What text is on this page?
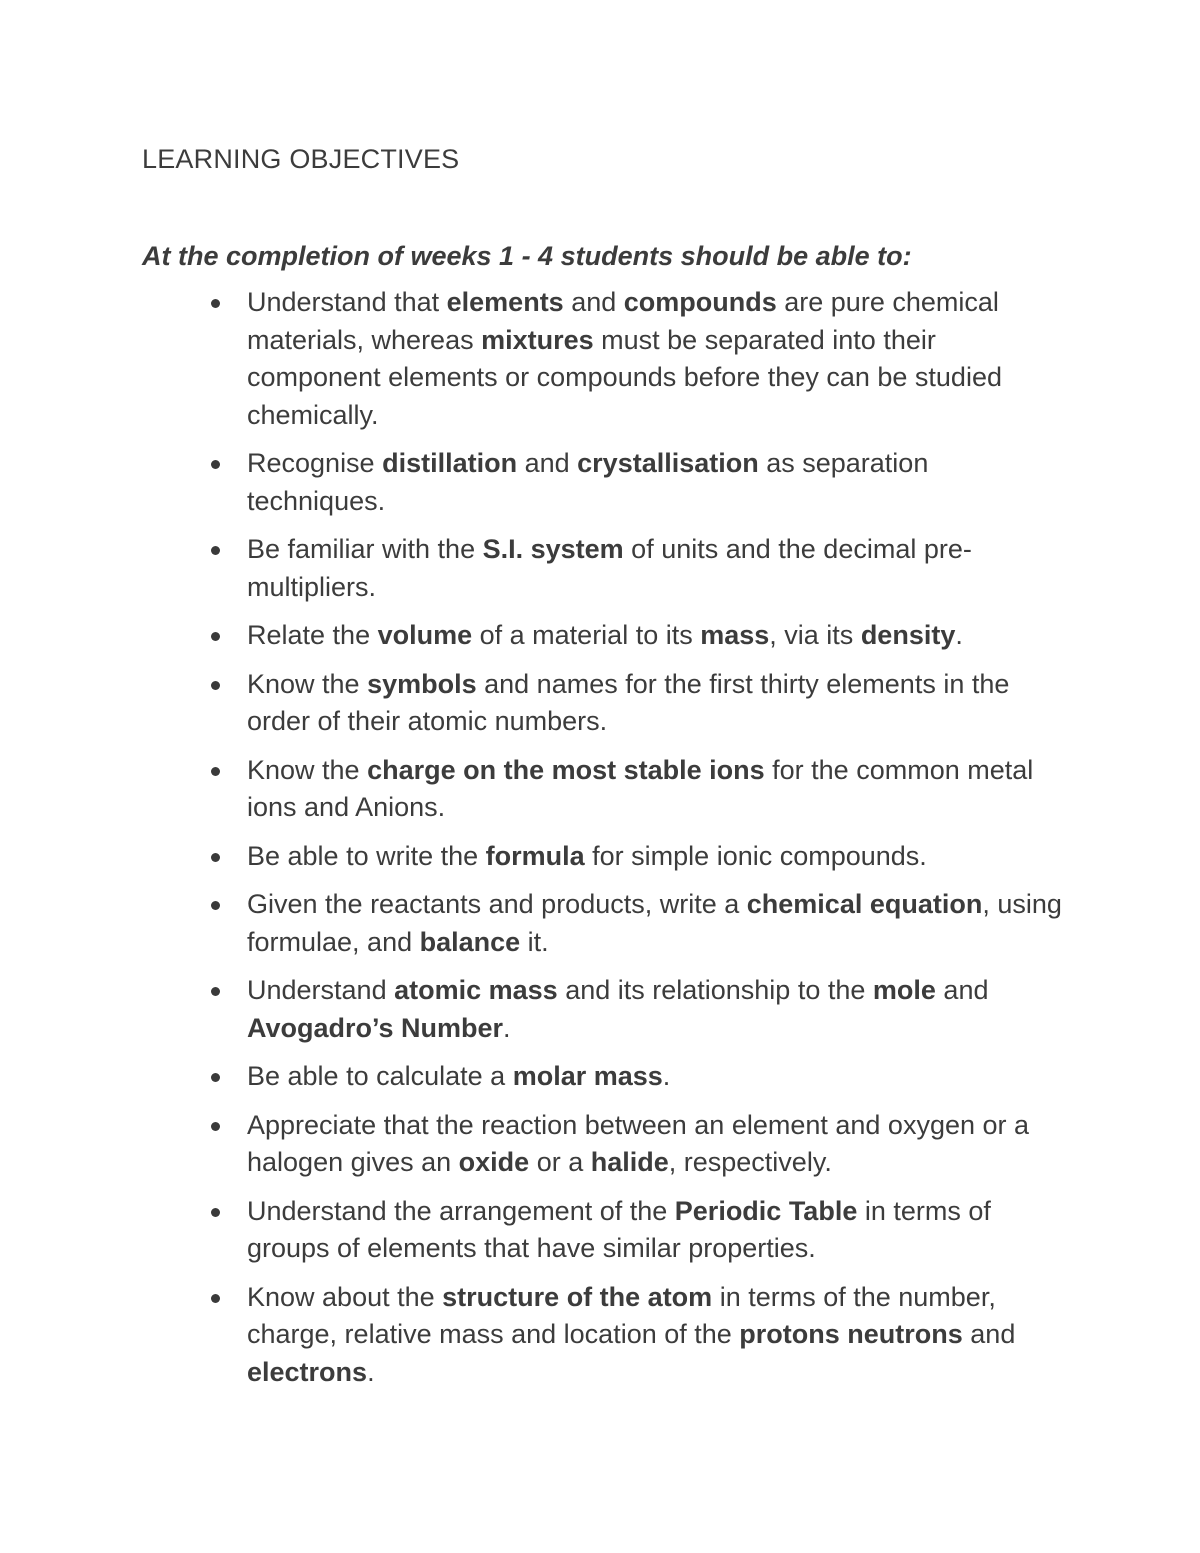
LEARNING OBJECTIVES
At the completion of weeks 1 - 4 students should be able to:
Understand that elements and compounds are pure chemical materials, whereas mixtures must be separated into their component elements or compounds before they can be studied chemically.
Recognise distillation and crystallisation as separation techniques.
Be familiar with the S.I. system of units and the decimal pre-multipliers.
Relate the volume of a material to its mass, via its density.
Know the symbols and names for the first thirty elements in the order of their atomic numbers.
Know the charge on the most stable ions for the common metal ions and Anions.
Be able to write the formula for simple ionic compounds.
Given the reactants and products, write a chemical equation, using formulae, and balance it.
Understand atomic mass and its relationship to the mole and Avogadro’s Number.
Be able to calculate a molar mass.
Appreciate that the reaction between an element and oxygen or a halogen gives an oxide or a halide, respectively.
Understand the arrangement of the Periodic Table in terms of groups of elements that have similar properties.
Know about the structure of the atom in terms of the number, charge, relative mass and location of the protons neutrons and electrons.
